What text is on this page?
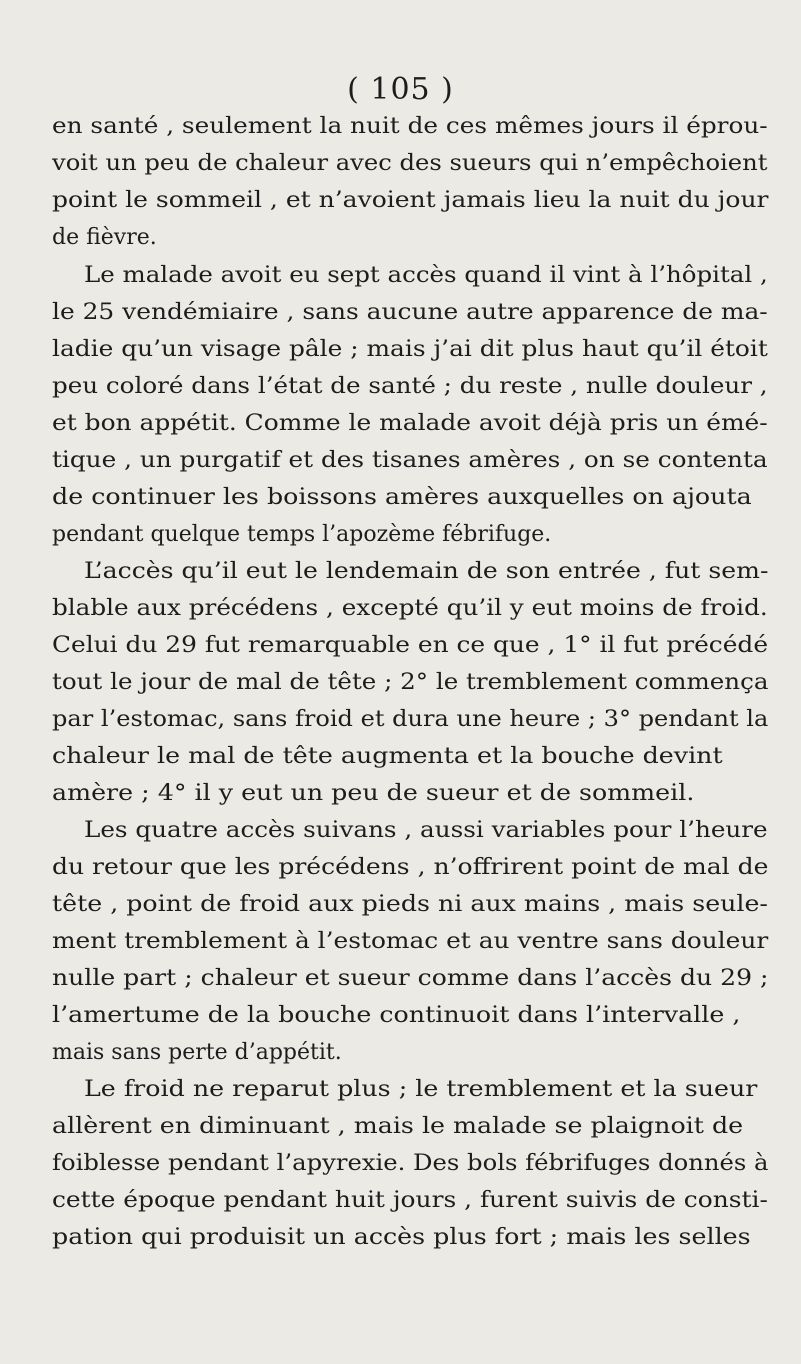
( 105 )
en santé , seulement la nuit de ces mêmes jours il éprou-
voit un peu de chaleur avec des sueurs qui n’empêchoient
point le sommeil , et n’avoient jamais lieu la nuit du jour
de fièvre.
Le malade avoit eu sept accès quand il vint à l’hôpital ,
le 25 vendémiaire , sans aucune autre apparence de ma-
ladie qu’un visage pâle ; mais j’ai dit plus haut qu’il étoit
peu coloré dans l’état de santé ; du reste , nulle douleur ,
et bon appétit. Comme le malade avoit déjà pris un émé-
tique , un purgatif et des tisanes amères , on se contenta
de continuer les boissons amères auxquelles on ajouta
pendant quelque temps l’apozème fébrifuge.
L’accès qu’il eut le lendemain de son entrée , fut sem-
blable aux précédens , excepté qu’il y eut moins de froid.
Celui du 29 fut remarquable en ce que , 1° il fut précédé
tout le jour de mal de tête ; 2° le tremblement commença
par l’estomac, sans froid et dura une heure ; 3° pendant la
chaleur le mal de tête augmenta et la bouche devint
amère ; 4° il y eut un peu de sueur et de sommeil.
Les quatre accès suivans , aussi variables pour l’heure
du retour que les précédens , n’offrirent point de mal de
tête , point de froid aux pieds ni aux mains , mais seule-
ment tremblement à l’estomac et au ventre sans douleur
nulle part ; chaleur et sueur comme dans l’accès du 29 ;
l’amertume de la bouche continuoit dans l’intervalle ,
mais sans perte d’appétit.
Le froid ne reparut plus ; le tremblement et la sueur
allèrent en diminuant , mais le malade se plaignoit de
foiblesse pendant l’apyrexie. Des bols fébrifuges donnés à
cette époque pendant huit jours , furent suivis de consti-
pation qui produisit un accès plus fort ; mais les selles
